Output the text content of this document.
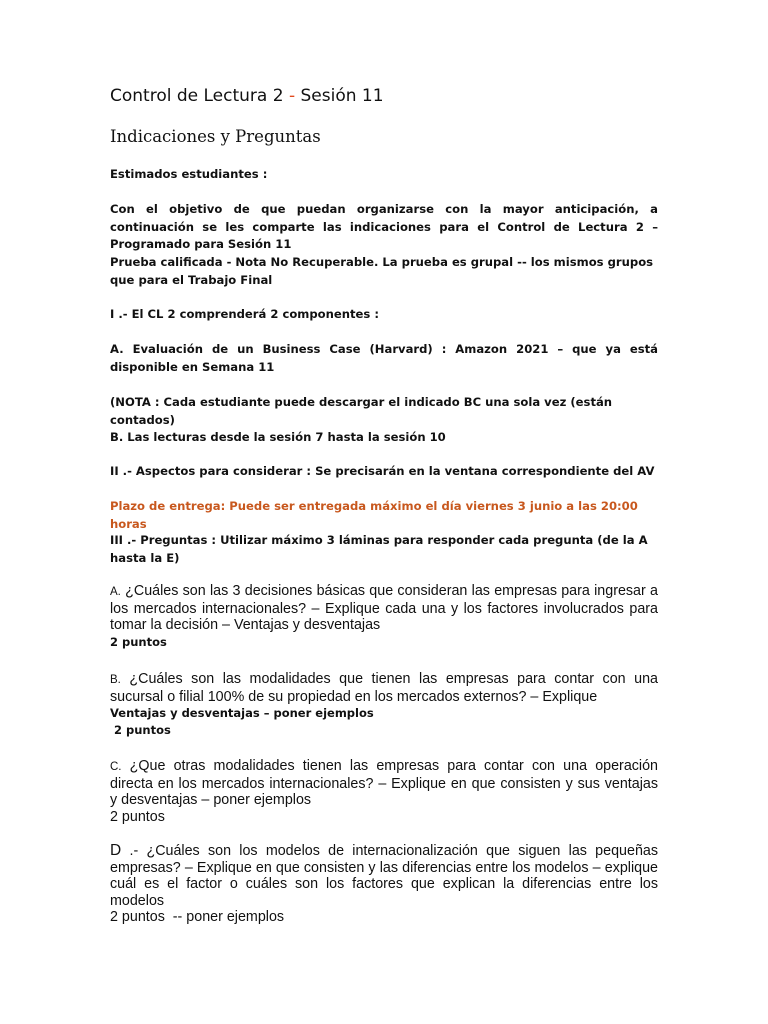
Control de Lectura 2 - Sesión 11
Indicaciones y Preguntas
Estimados estudiantes :
Con el objetivo de que puedan organizarse con la mayor anticipación, a continuación se les comparte las indicaciones para el Control de Lectura 2 – Programado para Sesión 11
Prueba calificada - Nota No Recuperable. La prueba es grupal -- los mismos grupos que para el Trabajo Final
I .- El CL 2 comprenderá 2 componentes :
A. Evaluación de un Business Case (Harvard) : Amazon 2021 – que ya está disponible en Semana 11
(NOTA : Cada estudiante puede descargar el indicado BC una sola vez (están contados)
B. Las lecturas desde la sesión 7 hasta la sesión 10
II .- Aspectos para considerar : Se precisarán en la ventana correspondiente del AV
Plazo de entrega: Puede ser entregada máximo el día viernes 3 junio a las 20:00 horas
III .- Preguntas : Utilizar máximo 3 láminas para responder cada pregunta (de la A hasta la E)
A. ¿Cuáles son las 3 decisiones básicas que consideran las empresas para ingresar a los mercados internacionales? – Explique cada una y los factores involucrados para tomar la decisión – Ventajas y desventajas
2 puntos
B. ¿Cuáles son las modalidades que tienen las empresas para contar con una sucursal o filial 100% de su propiedad en los mercados externos? – Explique
Ventajas y desventajas – poner ejemplos
2 puntos
C. ¿Que otras modalidades tienen las empresas para contar con una operación directa en los mercados internacionales? – Explique en que consisten y sus ventajas y desventajas – poner ejemplos
2 puntos
D .- ¿Cuáles son los modelos de internacionalización que siguen las pequeñas empresas? – Explique en que consisten y las diferencias entre los modelos – explique cuál es el factor o cuáles son los factores que explican la diferencias entre los modelos
2 puntos  -- poner ejemplos
